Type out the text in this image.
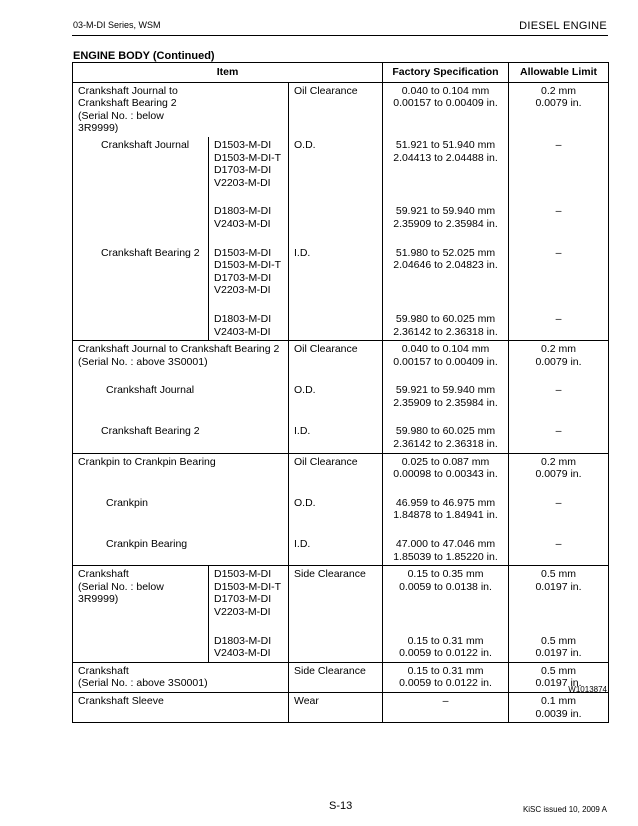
03-M-DI Series, WSM	DIESEL ENGINE
ENGINE BODY (Continued)
Item			Factory Specification	Allowable Limit
Crankshaft Journal to
Crankshaft Bearing 2
(Serial No. : below
3R9999)		Oil Clearance	0.040 to 0.104 mm
0.00157 to 0.00409 in.	0.2 mm
0.0079 in.
Crankshaft Journal	D1503-M-DI
D1503-M-DI-T
D1703-M-DI
V2203-M-DI	O.D.	51.921 to 51.940 mm
2.04413 to 2.04488 in.	–
	D1803-M-DI
V2403-M-DI		59.921 to 59.940 mm
2.35909 to 2.35984 in.	–
Crankshaft Bearing 2	D1503-M-DI
D1503-M-DI-T
D1703-M-DI
V2203-M-DI	I.D.	51.980 to 52.025 mm
2.04646 to 2.04823 in.	–
	D1803-M-DI
V2403-M-DI		59.980 to 60.025 mm
2.36142 to 2.36318 in.	–
Crankshaft Journal to Crankshaft Bearing 2
(Serial No. : above 3S0001)		Oil Clearance	0.040 to 0.104 mm
0.00157 to 0.00409 in.	0.2 mm
0.0079 in.
Crankshaft Journal		O.D.	59.921 to 59.940 mm
2.35909 to 2.35984 in.	–
Crankshaft Bearing 2		I.D.	59.980 to 60.025 mm
2.36142 to 2.36318 in.	–
Crankpin to Crankpin Bearing		Oil Clearance	0.025 to 0.087 mm
0.00098 to 0.00343 in.	0.2 mm
0.0079 in.
Crankpin		O.D.	46.959 to 46.975 mm
1.84878 to 1.84941 in.	–
Crankpin Bearing		I.D.	47.000 to 47.046 mm
1.85039 to 1.85220 in.	–
Crankshaft
(Serial No. : below
3R9999)	D1503-M-DI
D1503-M-DI-T
D1703-M-DI
V2203-M-DI	Side Clearance	0.15 to 0.35 mm
0.0059 to 0.0138 in.	0.5 mm
0.0197 in.
	D1803-M-DI
V2403-M-DI		0.15 to 0.31 mm
0.0059 to 0.0122 in.	0.5 mm
0.0197 in.
Crankshaft
(Serial No. : above 3S0001)		Side Clearance	0.15 to 0.31 mm
0.0059 to 0.0122 in.	0.5 mm
0.0197 in.
Crankshaft Sleeve		Wear	–	0.1 mm
0.0039 in.
W1013874
S-13	KiSC issued 10, 2009 A
